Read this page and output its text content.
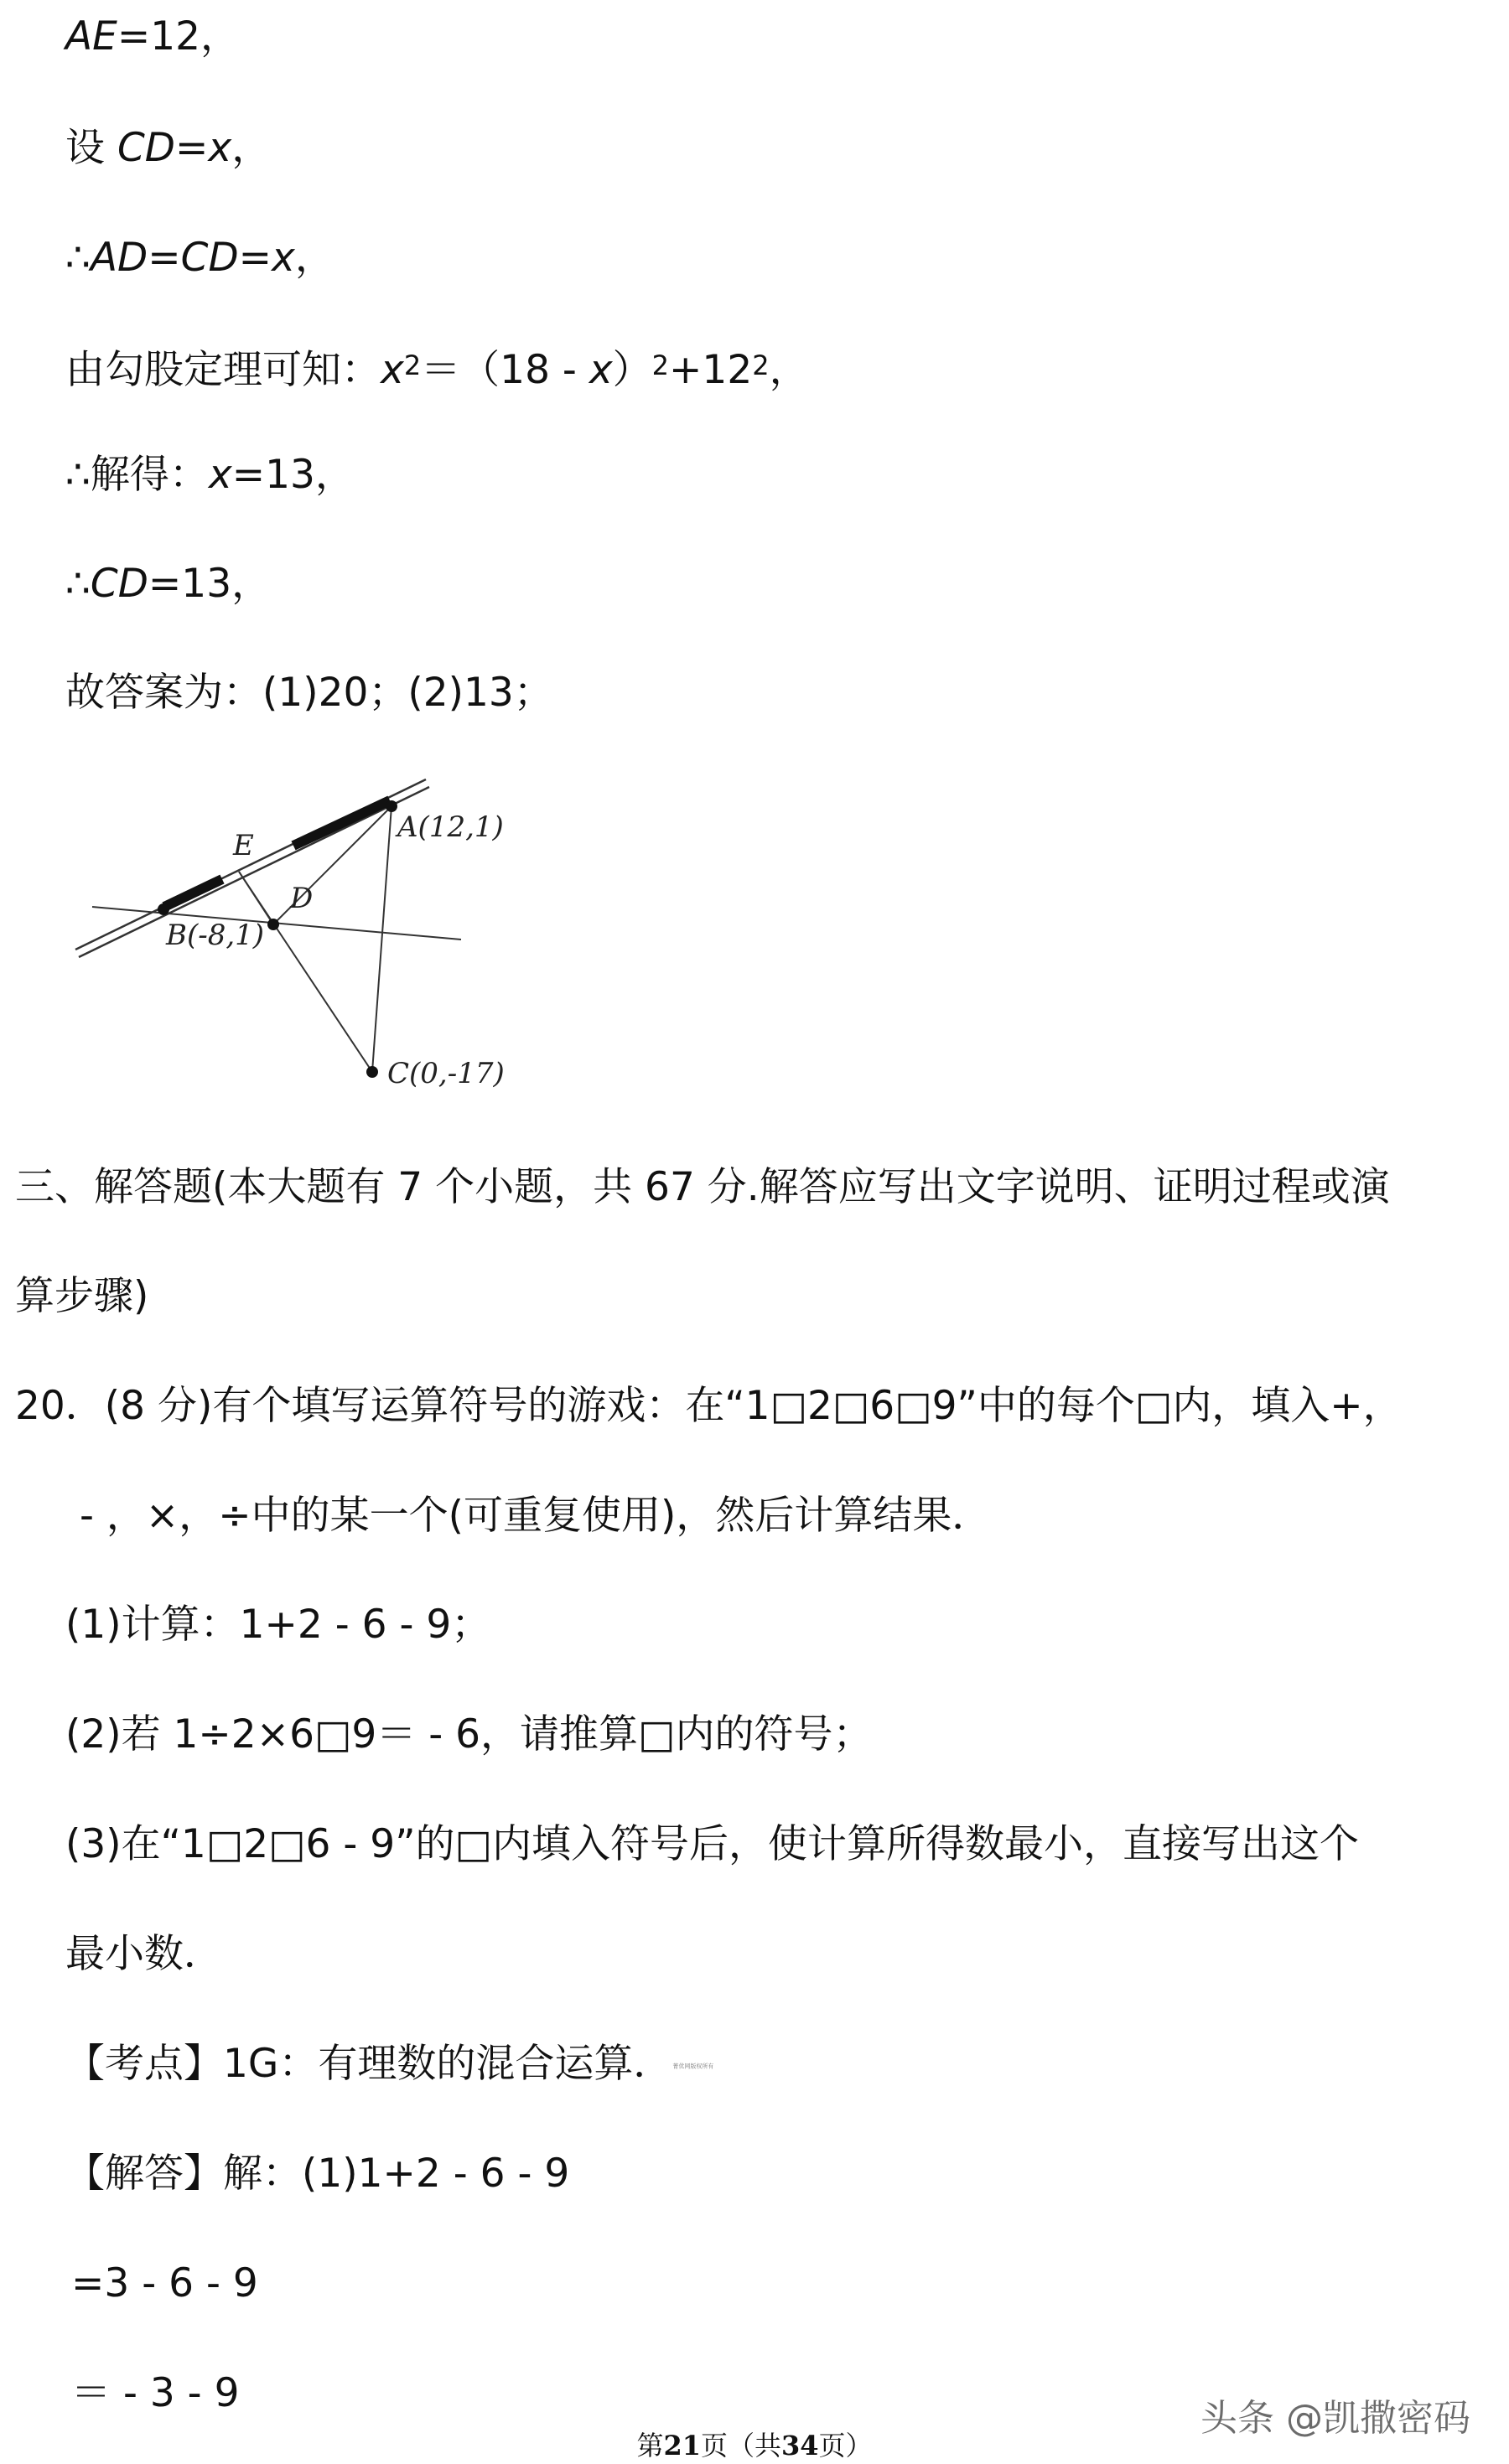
AE=12，
设 CD=x，
∴AD=CD=x，
由勾股定理可知：$x^2=(18 - x)^2+12^2$，
∴解得：x=13，
∴CD=13，
故答案为：(1)20；(2)13；
E
D
A(12,1)
B(-8,1)
C(0,-17)
三、解答题(本大题有 7 个小题，共 67 分.解答应写出文字说明、证明过程或演
算步骤)
20．(8 分)有个填写运算符号的游戏：在“1□2□6□9”中的每个□内，填入+，
- ，×，÷中的某一个(可重复使用)，然后计算结果．
(1)计算：1+2 - 6 - 9；
(2)若 1÷2×6□9＝ - 6，请推算□内的符号；
(3)在“1□2□6 - 9”的□内填入符号后，使计算所得数最小，直接写出这个
最小数．
【考点】1G：有理数的混合运算．菁优网版权所有
【解答】解：(1)1+2 - 6 - 9
=3 - 6 - 9
＝ - 3 - 9
第21页（共34页）
头条 @凯撒密码
